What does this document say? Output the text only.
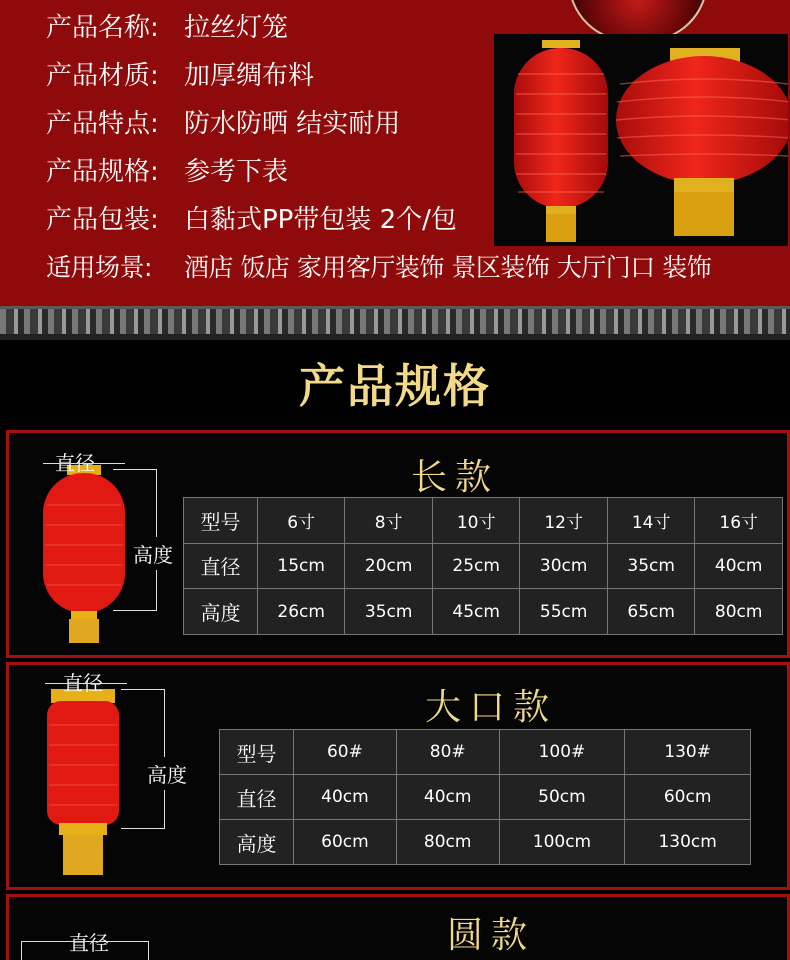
产品名称: 拉丝灯笼
产品材质: 加厚绸布料
产品特点: 防水防晒 结实耐用
产品规格: 参考下表
产品包装: 白黏式PP带包装 2个/包
适用场景: 酒店 饭店 家用客厅装饰 景区装饰 大厅门口 装饰
产品规格
直径
高度
长款
型号	6寸	8寸	10寸	12寸	14寸	16寸
直径	15cm	20cm	25cm	30cm	35cm	40cm
高度	26cm	35cm	45cm	55cm	65cm	80cm
直径
高度
大口款
型号	60#	80#	100#	130#
直径	40cm	40cm	50cm	60cm
高度	60cm	80cm	100cm	130cm
圆款
直径
